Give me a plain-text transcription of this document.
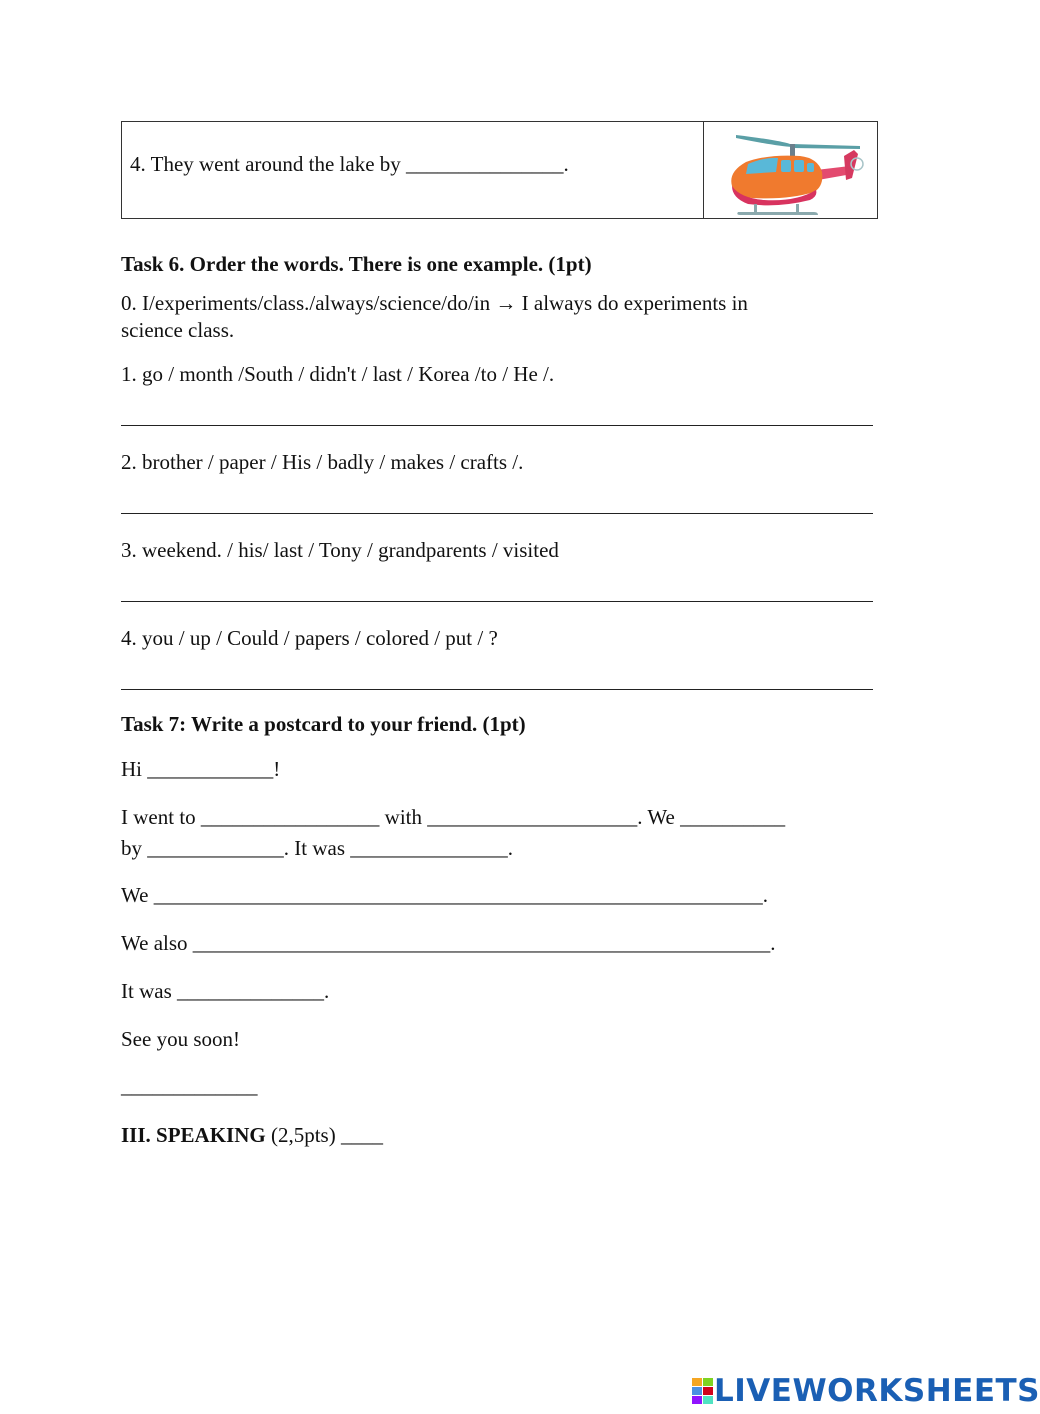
4. They went around the lake by _______________.
Task 6. Order the words. There is one example. (1pt)
0. I/experiments/class./always/science/do/in → I always do experiments in
science class.
1. go / month /South / didn't / last / Korea /to / He /.
2. brother / paper / His / badly / makes / crafts /.
3. weekend. / his/ last / Tony / grandparents / visited
4. you / up / Could / papers / colored / put / ?
Task 7: Write a postcard to your friend. (1pt)
Hi ____________!
I went to _________________ with ____________________. We __________
by _____________. It was _______________.
We __________________________________________________________.
We also _______________________________________________________.
It was ______________.
See you soon!
_____________
III. SPEAKING (2,5pts) ____
LIVEWORKSHEETS
